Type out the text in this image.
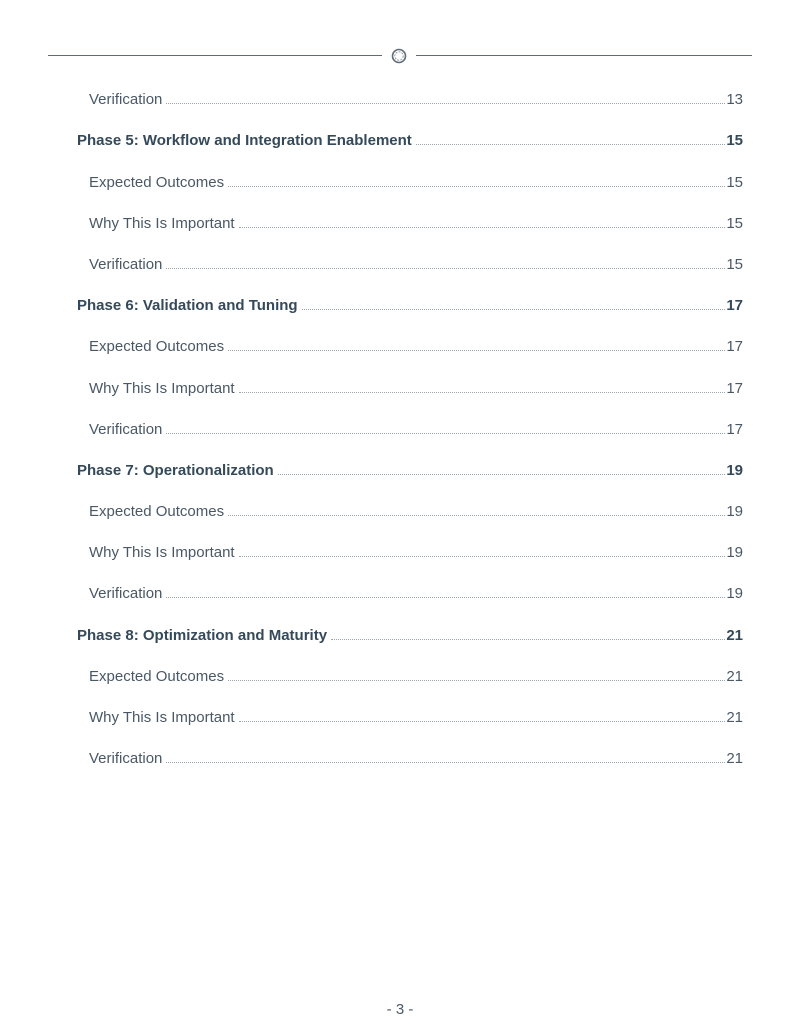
Verification	13
Phase 5: Workflow and Integration Enablement	15
Expected Outcomes	15
Why This Is Important	15
Verification	15
Phase 6: Validation and Tuning	17
Expected Outcomes	17
Why This Is Important	17
Verification	17
Phase 7: Operationalization	19
Expected Outcomes	19
Why This Is Important	19
Verification	19
Phase 8: Optimization and Maturity	21
Expected Outcomes	21
Why This Is Important	21
Verification	21
- 3 -
